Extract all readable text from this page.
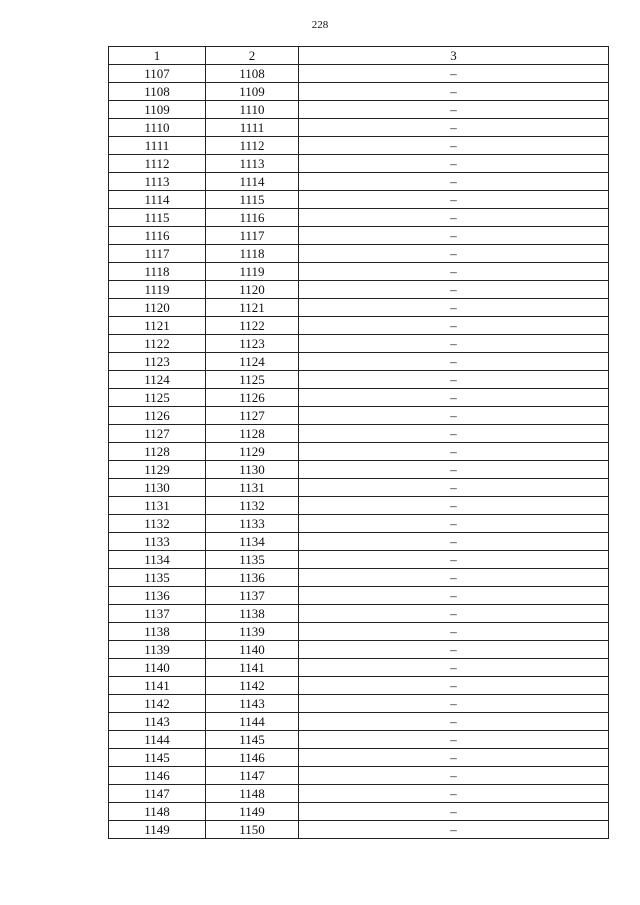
228
1	2	3
1107	1108	–
1108	1109	–
1109	1110	–
1110	1111	–
1111	1112	–
1112	1113	–
1113	1114	–
1114	1115	–
1115	1116	–
1116	1117	–
1117	1118	–
1118	1119	–
1119	1120	–
1120	1121	–
1121	1122	–
1122	1123	–
1123	1124	–
1124	1125	–
1125	1126	–
1126	1127	–
1127	1128	–
1128	1129	–
1129	1130	–
1130	1131	–
1131	1132	–
1132	1133	–
1133	1134	–
1134	1135	–
1135	1136	–
1136	1137	–
1137	1138	–
1138	1139	–
1139	1140	–
1140	1141	–
1141	1142	–
1142	1143	–
1143	1144	–
1144	1145	–
1145	1146	–
1146	1147	–
1147	1148	–
1148	1149	–
1149	1150	–
